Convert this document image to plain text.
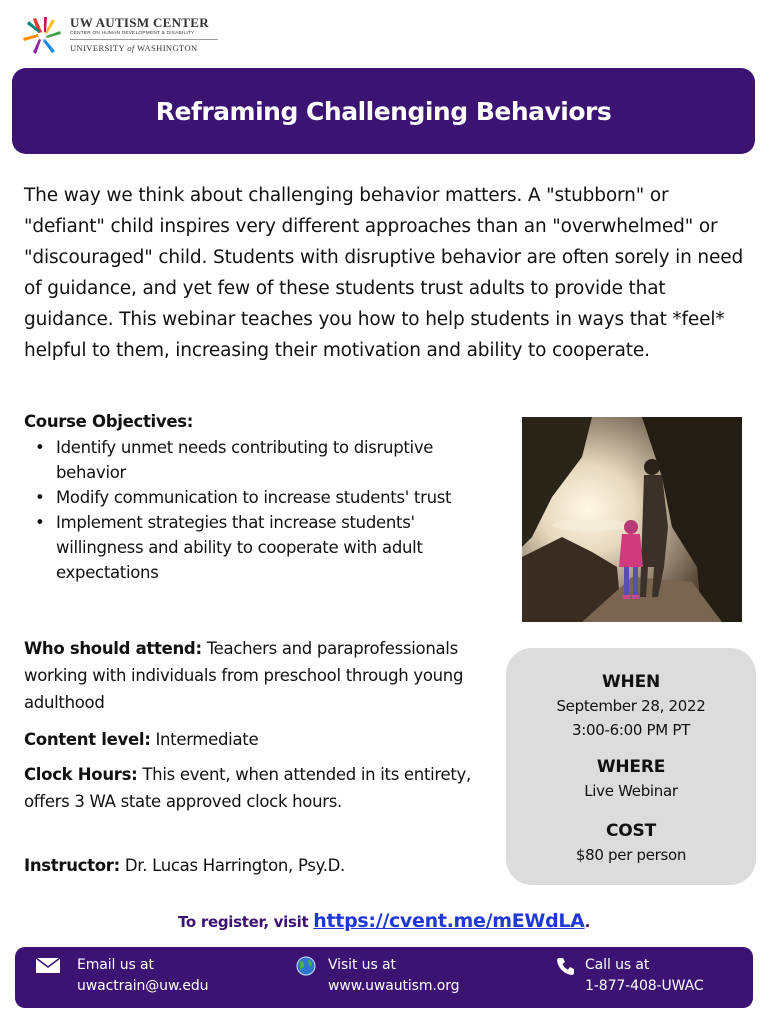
UW AUTISM CENTER
CENTER ON HUMAN DEVELOPMENT & DISABILITY
UNIVERSITY of WASHINGTON
Reframing Challenging Behaviors

The way we think about challenging behavior matters. A "stubborn" or "defiant" child inspires very different approaches than an "overwhelmed" or "discouraged" child. Students with disruptive behavior are often sorely in need of guidance, and yet few of these students trust adults to provide that guidance. This webinar teaches you how to help students in ways that *feel* helpful to them, increasing their motivation and ability to cooperate.

Course Objectives:
• Identify unmet needs contributing to disruptive behavior
• Modify communication to increase students' trust
• Implement strategies that increase students' willingness and ability to cooperate with adult expectations

Who should attend: Teachers and paraprofessionals working with individuals from preschool through young adulthood

Content level: Intermediate

Clock Hours: This event, when attended in its entirety, offers 3 WA state approved clock hours.

Instructor: Dr. Lucas Harrington, Psy.D.

WHEN
September 28, 2022
3:00-6:00 PM PT
WHERE
Live Webinar
COST
$80 per person
To register, visit https://cvent.me/mEWdLA.
Email us at
uwactrain@uw.edu
Visit us at
www.uwautism.org
Call us at
1-877-408-UWAC
